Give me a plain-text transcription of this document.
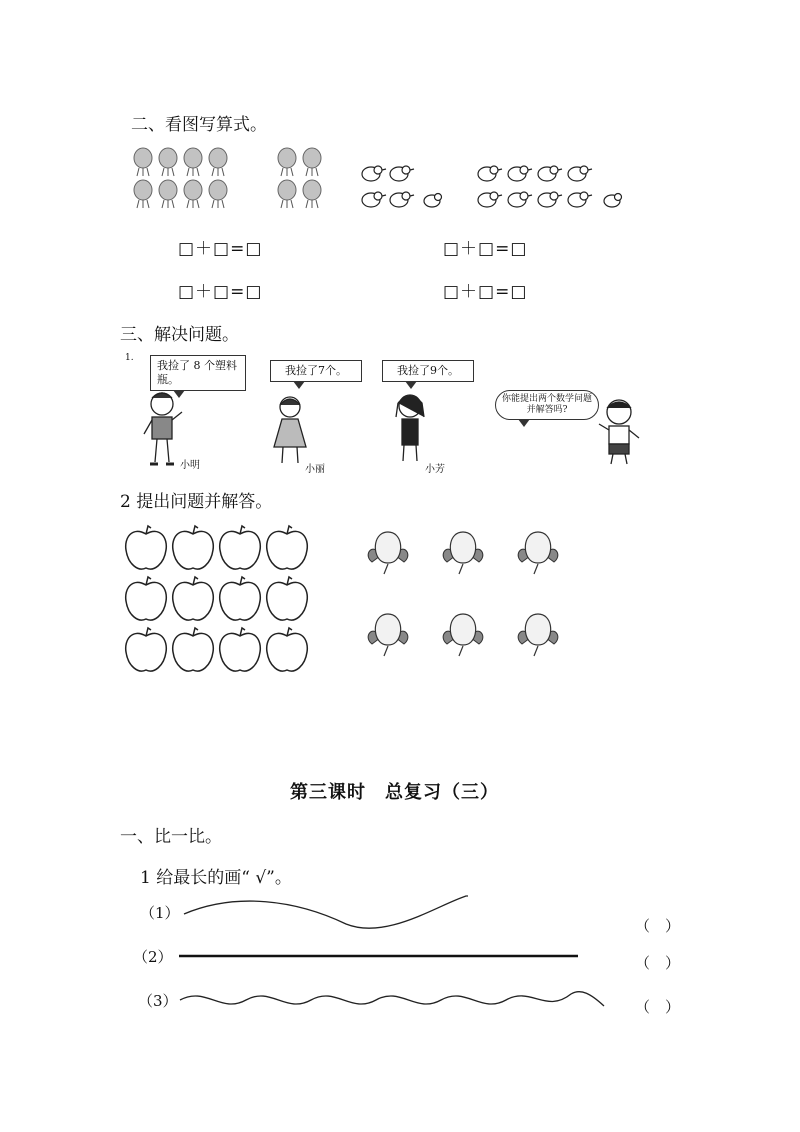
二、看图写算式。
□＋□=□	□＋□=□
□＋□=□	□＋□=□
三、解决问题。
1.
我捡了 8 个塑料瓶。
我捡了7个。	我捡了9个。
你能提出两个数学问题并解答吗?
小明	小丽	小芳
2 提出问题并解答。
第三课时　总复习（三）
一、比一比。
1 给最长的画“ √”。
（1）
（2）
（3）
（　）
（　）
（　）
